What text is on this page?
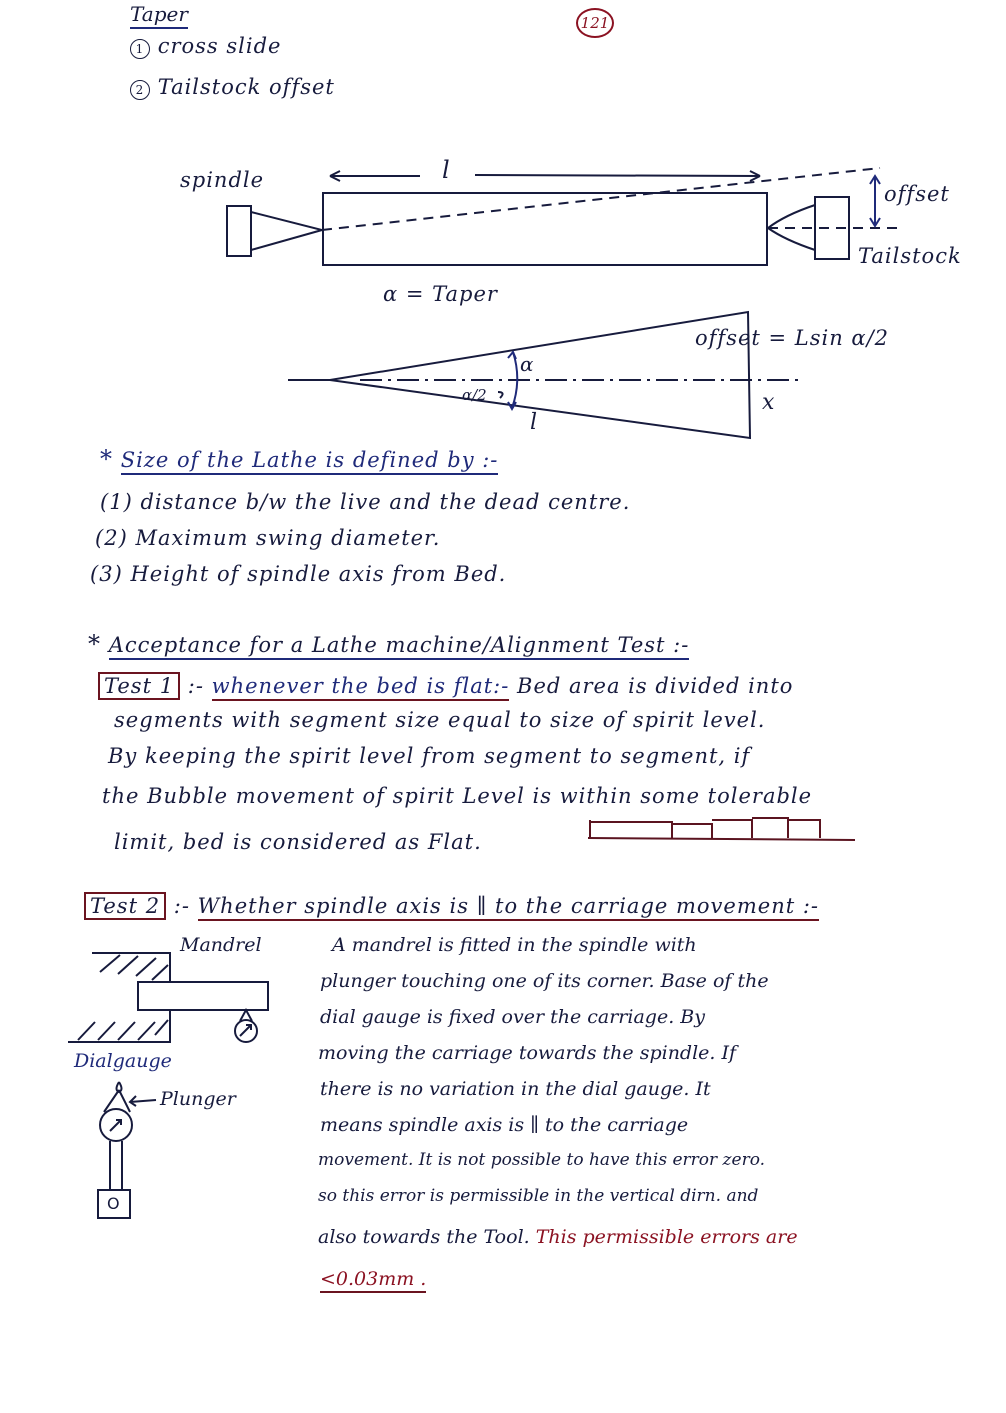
Taper	121
1 cross slide
2 Tailstock offset
spindle	l
offset
Tailstock
α = Taper
offset = Lsin α/2
α
α/2
l
x
* Size of the Lathe is defined by :-
(1) distance b/w the live and the dead centre.
(2) Maximum swing diameter.
(3) Height of spindle axis from Bed.
* Acceptance for a Lathe machine/Alignment Test :-
Test 1 :- whenever the bed is flat:- Bed area is divided into
segments with segment size equal to size of spirit level.
By keeping the spirit level from segment to segment, if
the Bubble movement of spirit Level is within some tolerable
limit, bed is considered as Flat.
Test 2 :- Whether spindle axis is ∥ to the carriage movement :-
Mandrel
Dialgauge
Plunger
O
A mandrel is fitted in the spindle with
plunger touching one of its corner. Base of the
dial gauge is fixed over the carriage. By
moving the carriage towards the spindle. If
there is no variation in the dial gauge. It
means spindle axis is ∥ to the carriage
movement. It is not possible to have this error zero.
so this error is permissible in the vertical dirn. and
also towards the Tool. This permissible errors are
<0.03mm .
